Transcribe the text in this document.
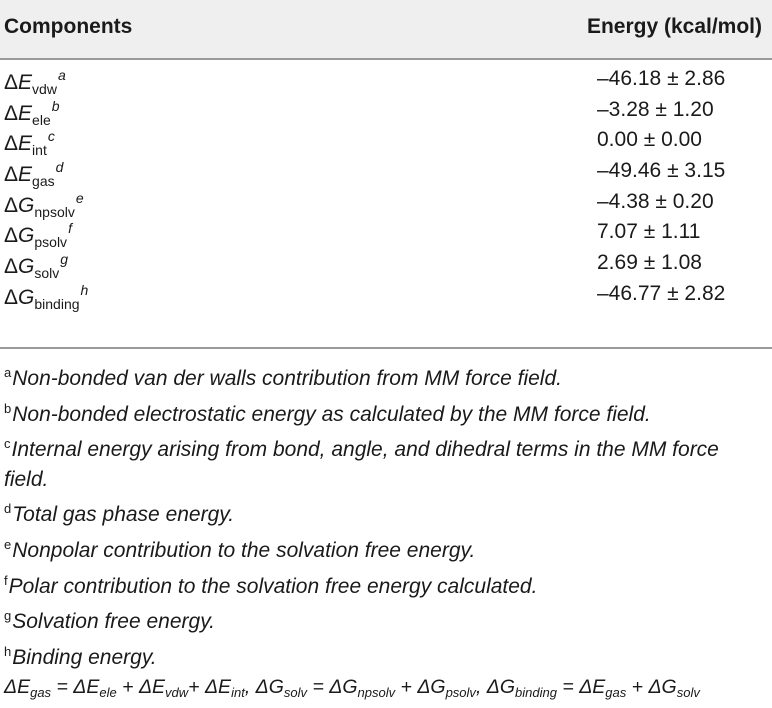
Components	Energy (kcal/mol)
$\Delta E_{vdw}^a$	–46.18 ± 2.86
$\Delta E_{ele}^b$	–3.28 ± 1.20
$\Delta E_{int}^c$	0.00 ± 0.00
$\Delta E_{gas}^d$	–49.46 ± 3.15
$\Delta G_{npsolv}^e$	–4.38 ± 0.20
$\Delta G_{psolv}^f$	7.07 ± 1.11
$\Delta G_{solv}^g$	2.69 ± 1.08
$\Delta G_{binding}^h$	–46.77 ± 2.82
$^a$Non-bonded van der walls contribution from MM force field.
$^b$Non-bonded electrostatic energy as calculated by the MM force field.
$^c$Internal energy arising from bond, angle, and dihedral terms in the MM force field.
$^d$Total gas phase energy.
$^e$Nonpolar contribution to the solvation free energy.
$^f$Polar contribution to the solvation free energy calculated.
$^g$Solvation free energy.
$^h$Binding energy.
$\Delta E_{gas} = \Delta E_{ele} + \Delta E_{vdw}+ \Delta E_{int}$, $\Delta G_{solv} = \Delta G_{npsolv} + \Delta G_{psolv}$, $\Delta G_{binding} = \Delta E_{gas} + \Delta G_{solv}$
